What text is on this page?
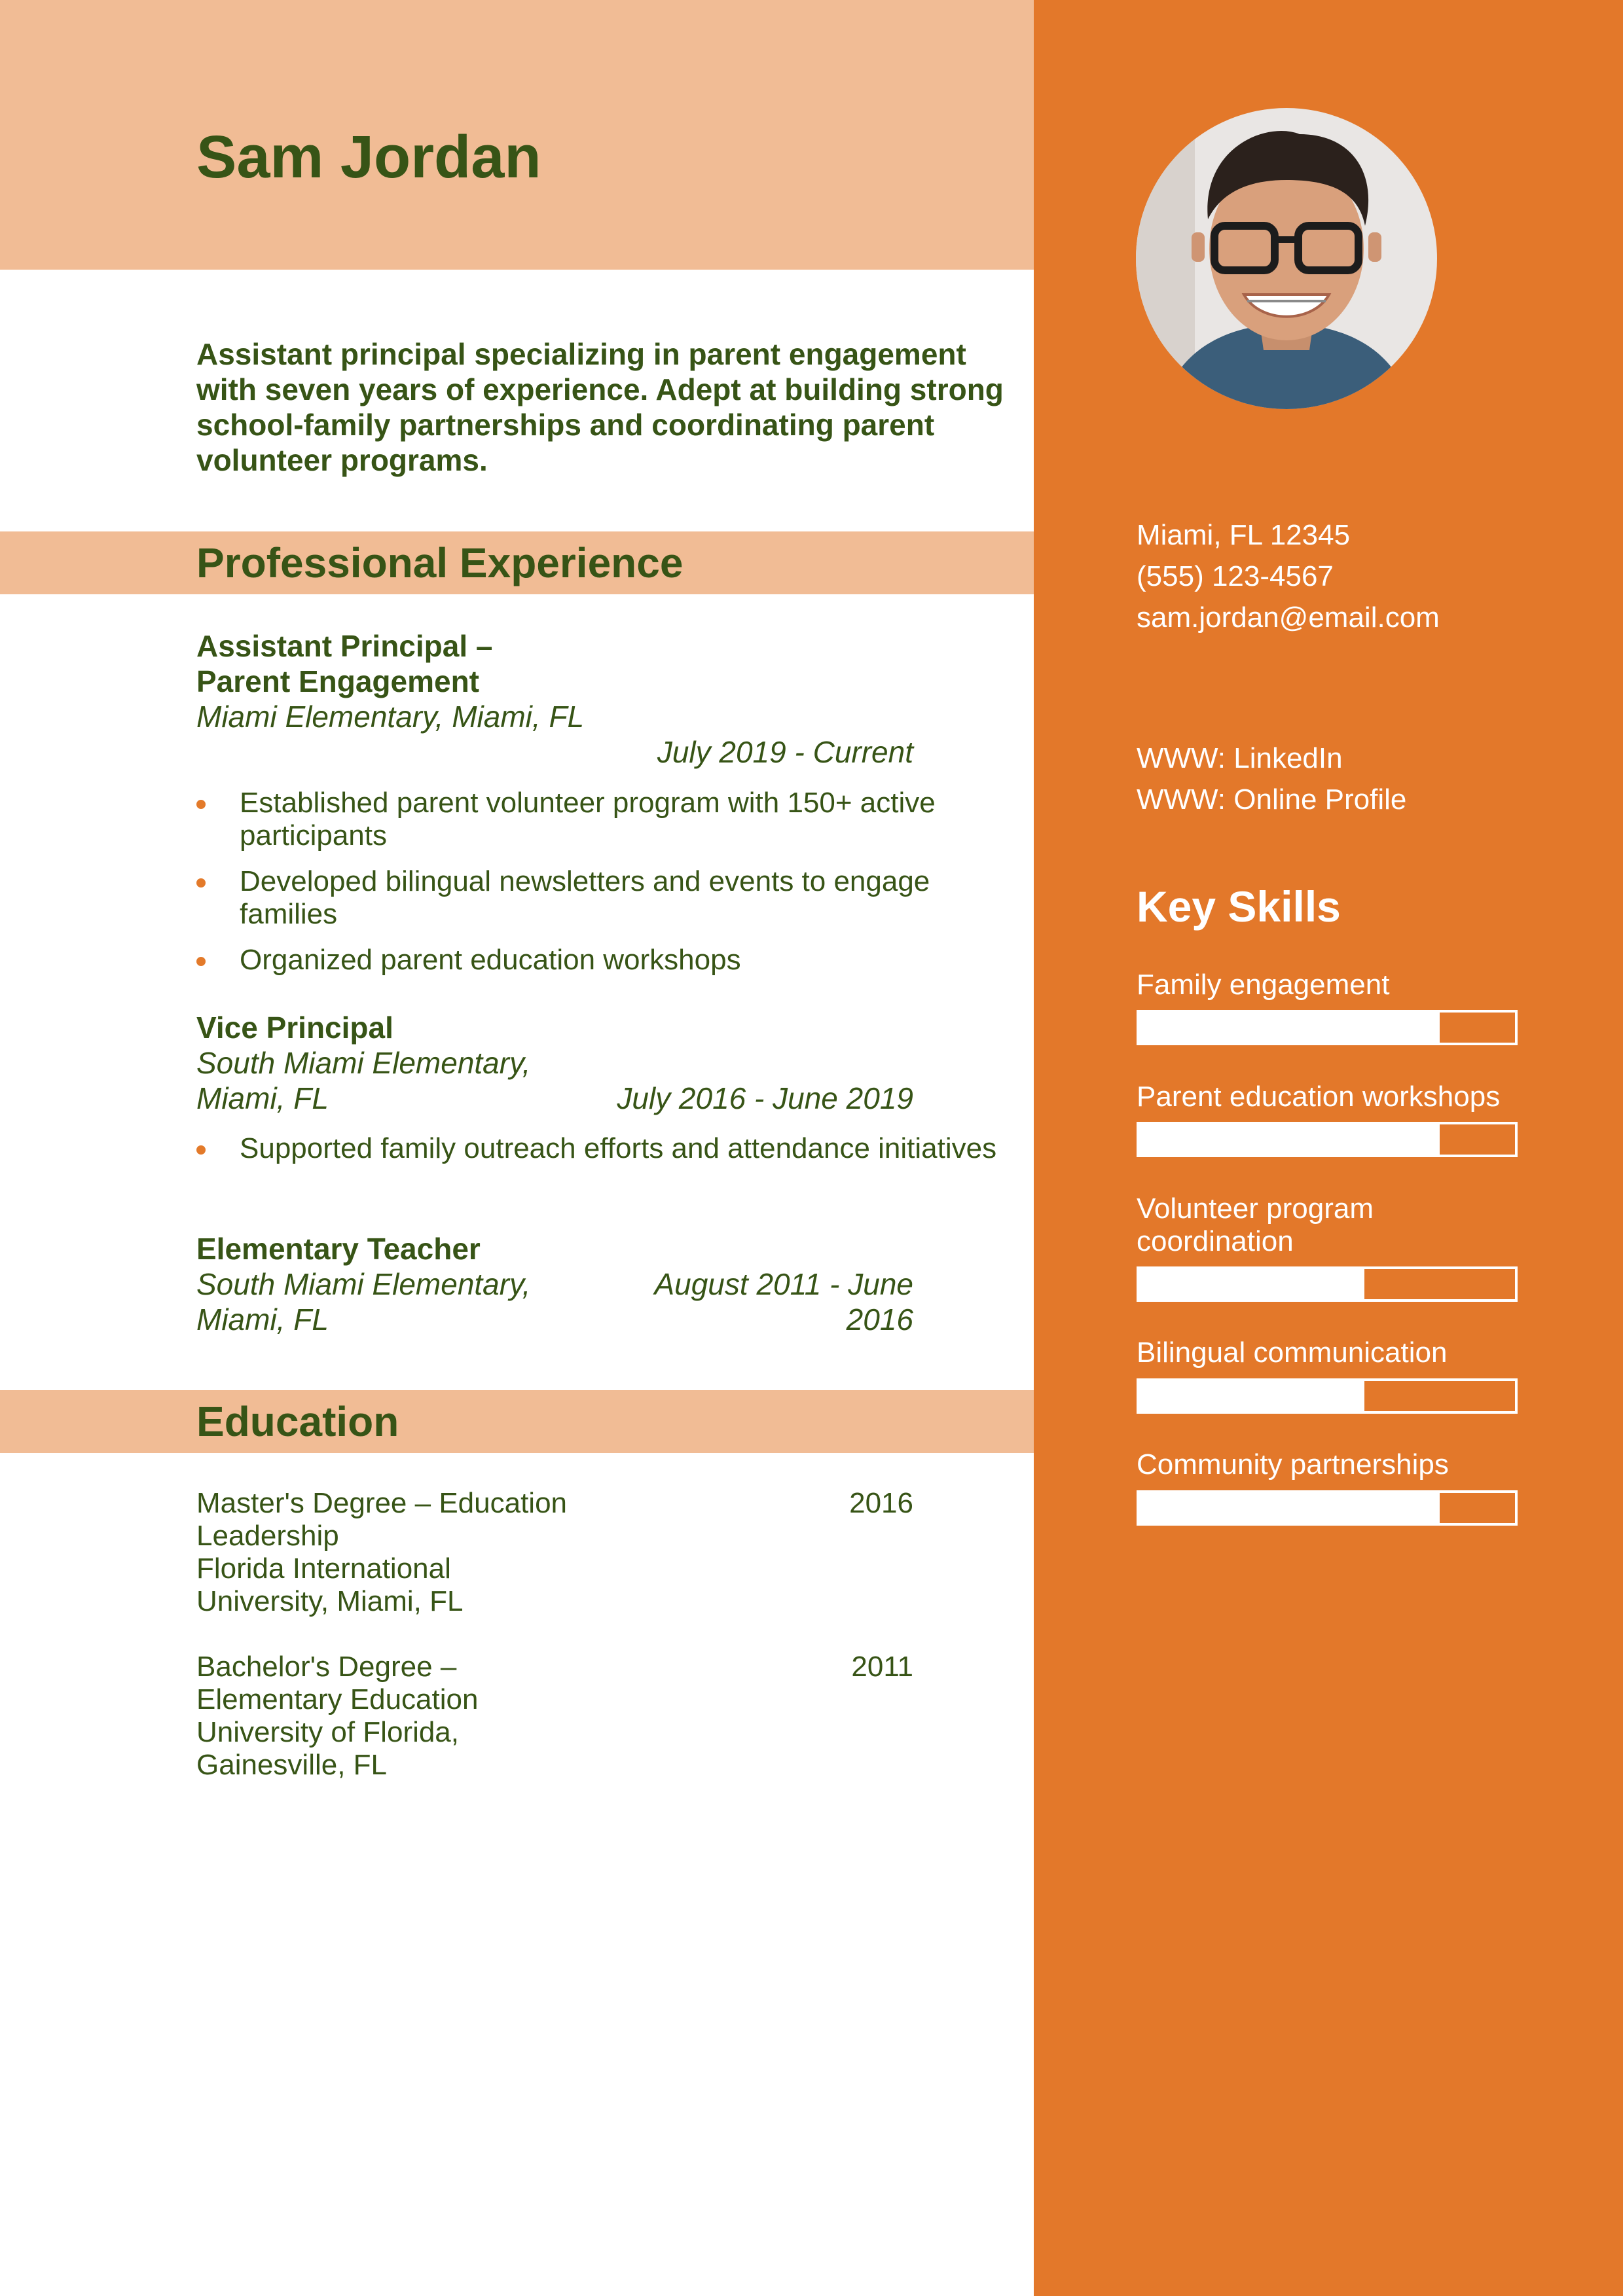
Sam Jordan
Assistant principal specializing in parent engagement with seven years of experience. Adept at building strong school-family partnerships and coordinating parent volunteer programs.
Professional Experience
Assistant Principal – Parent Engagement
Miami Elementary, Miami, FL
July 2019 - Current
Established parent volunteer program with 150+ active participants
Developed bilingual newsletters and events to engage families
Organized parent education workshops
Vice Principal
South Miami Elementary, Miami, FL	July 2016 - June 2019
Supported family outreach efforts and attendance initiatives
Elementary Teacher
South Miami Elementary, Miami, FL
August 2011 - June 2016
Education
Master's Degree – Education Leadership
Florida International University, Miami, FL
2016
Bachelor's Degree – Elementary Education
University of Florida, Gainesville, FL
2011
Miami, FL 12345
(555) 123-4567
sam.jordan@email.com
WWW: LinkedIn
WWW: Online Profile
Key Skills
Family engagement
Parent education workshops
Volunteer program coordination
Bilingual communication
Community partnerships
